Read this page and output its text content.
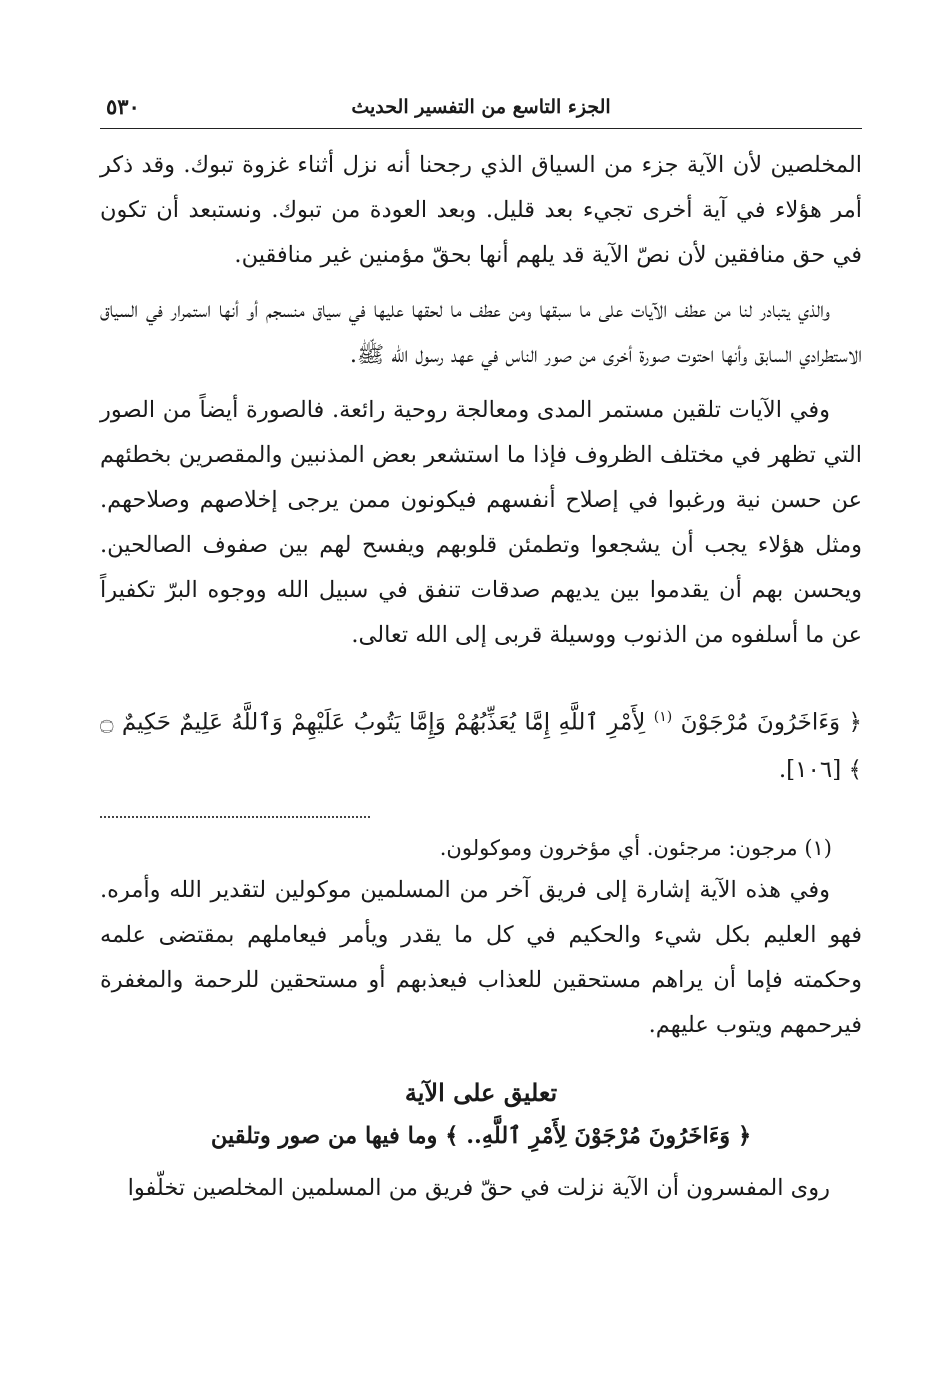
الجزء التاسع من التفسير الحديث
٥٣٠

المخلصين لأن الآية جزء من السياق الذي رجحنا أنه نزل أثناء غزوة تبوك. وقد ذكر أمر هؤلاء في آية أخرى تجيء بعد قليل. وبعد العودة من تبوك. ونستبعد أن تكون في حق منافقين لأن نصّ الآية قد يلهم أنها بحقّ مؤمنين غير منافقين.

والذي يتبادر لنا من عطف الآيات على ما سبقها ومن عطف ما لحقها عليها في سياق منسجم أو أنها استمرار في السياق الاستطرادي السابق وأنها احتوت صورة أخرى من صور الناس في عهد رسول الله ﷺ.

وفي الآيات تلقين مستمر المدى ومعالجة روحية رائعة. فالصورة أيضاً من الصور التي تظهر في مختلف الظروف فإذا ما استشعر بعض المذنبين والمقصرين بخطئهم عن حسن نية ورغبوا في إصلاح أنفسهم فيكونون ممن يرجى إخلاصهم وصلاحهم. ومثل هؤلاء يجب أن يشجعوا وتطمئن قلوبهم ويفسح لهم بين صفوف الصالحين. ويحسن بهم أن يقدموا بين يديهم صدقات تنفق في سبيل الله ووجوه البرّ تكفيراً عن ما أسلفوه من الذنوب ووسيلة قربى إلى الله تعالى.

﴿ وَءَاخَرُونَ مُرْجَوْنَ $^{(١)}$ لِأَمْرِ ٱللَّهِ إِمَّا يُعَذِّبُهُمْ وَإِمَّا يَتُوبُ عَلَيْهِمْ وَٱللَّهُ عَلِيمٌ حَكِيمٌ ۝ ﴾ [١٠٦].

(١) مرجون: مرجئون. أي مؤخرون وموكولون.

وفي هذه الآية إشارة إلى فريق آخر من المسلمين موكولين لتقدير الله وأمره. فهو العليم بكل شيء والحكيم في كل ما يقدر ويأمر فيعاملهم بمقتضى علمه وحكمته فإما أن يراهم مستحقين للعذاب فيعذبهم أو مستحقين للرحمة والمغفرة فيرحمهم ويتوب عليهم.

تعليق على الآية

﴿ وَءَاخَرُونَ مُرْجَوْنَ لِأَمْرِ ٱللَّهِ.. ﴾ وما فيها من صور وتلقين

روى المفسرون أن الآية نزلت في حقّ فريق من المسلمين المخلصين تخلّفوا
